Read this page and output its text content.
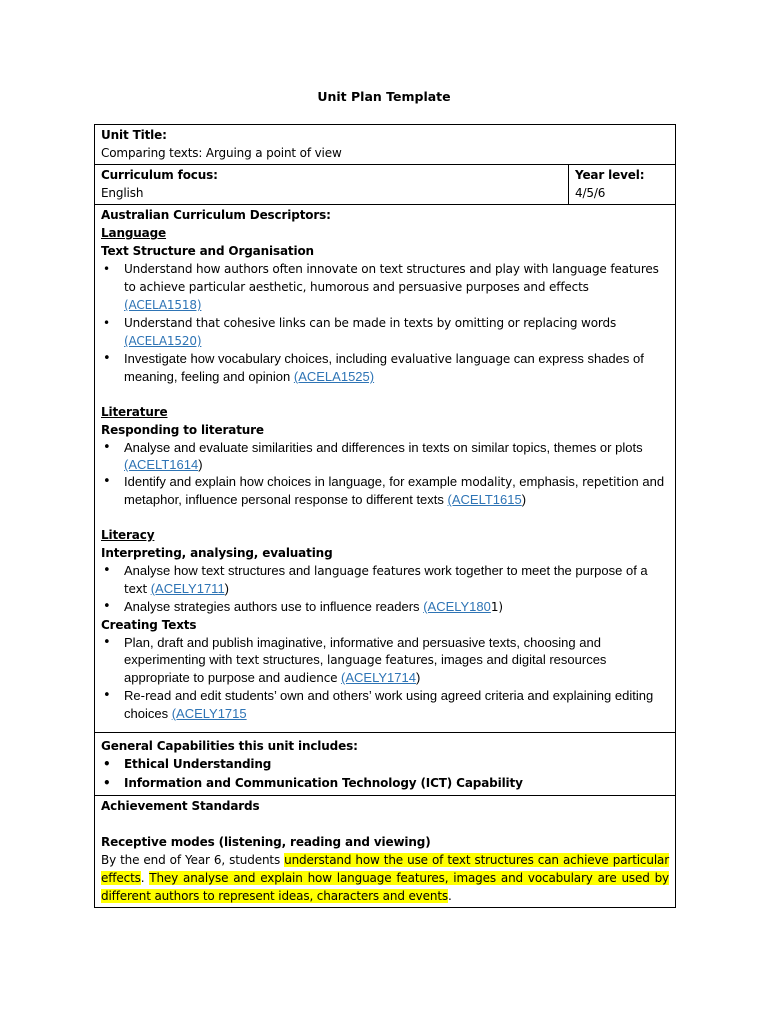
Unit Plan Template
Unit Title:
Comparing texts: Arguing a point of view

Curriculum focus:
English

Year level:
4/5/6

Australian Curriculum Descriptors:
Language
Text Structure and Organisation
• Understand how authors often innovate on text structures and play with language features to achieve particular aesthetic, humorous and persuasive purposes and effects (ACELA1518)
• Understand that cohesive links can be made in texts by omitting or replacing words (ACELA1520)
• Investigate how vocabulary choices, including evaluative language can express shades of meaning, feeling and opinion (ACELA1525)
Literature
Responding to literature
• Analyse and evaluate similarities and differences in texts on similar topics, themes or plots (ACELT1614)
• Identify and explain how choices in language, for example modality, emphasis, repetition and metaphor, influence personal response to different texts (ACELT1615)
Literacy
Interpreting, analysing, evaluating
• Analyse how text structures and language features work together to meet the purpose of a text (ACELY1711)
• Analyse strategies authors use to influence readers (ACELY1801)
Creating Texts
• Plan, draft and publish imaginative, informative and persuasive texts, choosing and experimenting with text structures, language features, images and digital resources appropriate to purpose and audience (ACELY1714)
• Re-read and edit students’ own and others’ work using agreed criteria and explaining editing choices (ACELY1715

General Capabilities this unit includes:
• Ethical Understanding
• Information and Communication Technology (ICT) Capability

Achievement Standards
Receptive modes (listening, reading and viewing)
By the end of Year 6, students understand how the use of text structures can achieve particular effects. They analyse and explain how language features, images and vocabulary are used by different authors to represent ideas, characters and events.
